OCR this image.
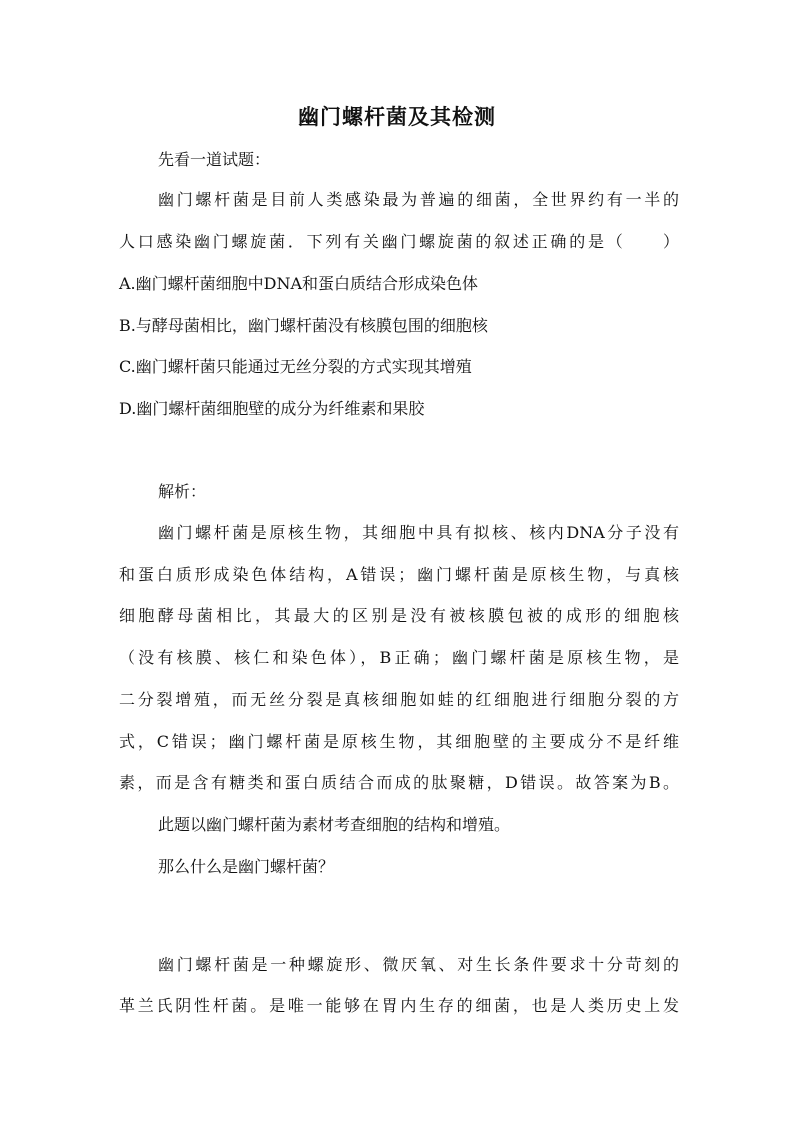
幽门螺杆菌及其检测
先看一道试题：
幽门螺杆菌是目前人类感染最为普遍的细菌，全世界约有一半的
人口感染幽门螺旋菌．下列有关幽门螺旋菌的叙述正确的是（　　）
A.幽门螺杆菌细胞中DNA和蛋白质结合形成染色体
B.与酵母菌相比，幽门螺杆菌没有核膜包围的细胞核
C.幽门螺杆菌只能通过无丝分裂的方式实现其增殖
D.幽门螺杆菌细胞壁的成分为纤维素和果胶
解析：
幽门螺杆菌是原核生物，其细胞中具有拟核、核内DNA分子没有
和蛋白质形成染色体结构，A错误；幽门螺杆菌是原核生物，与真核
细胞酵母菌相比，其最大的区别是没有被核膜包被的成形的细胞核
（没有核膜、核仁和染色体），B正确；幽门螺杆菌是原核生物，是
二分裂增殖，而无丝分裂是真核细胞如蛙的红细胞进行细胞分裂的方
式，C错误；幽门螺杆菌是原核生物，其细胞壁的主要成分不是纤维
素，而是含有糖类和蛋白质结合而成的肽聚糖，D错误。故答案为B。
此题以幽门螺杆菌为素材考查细胞的结构和增殖。
那么什么是幽门螺杆菌？
幽门螺杆菌是一种螺旋形、微厌氧、对生长条件要求十分苛刻的
革兰氏阴性杆菌。是唯一能够在胃内生存的细菌，也是人类历史上发
